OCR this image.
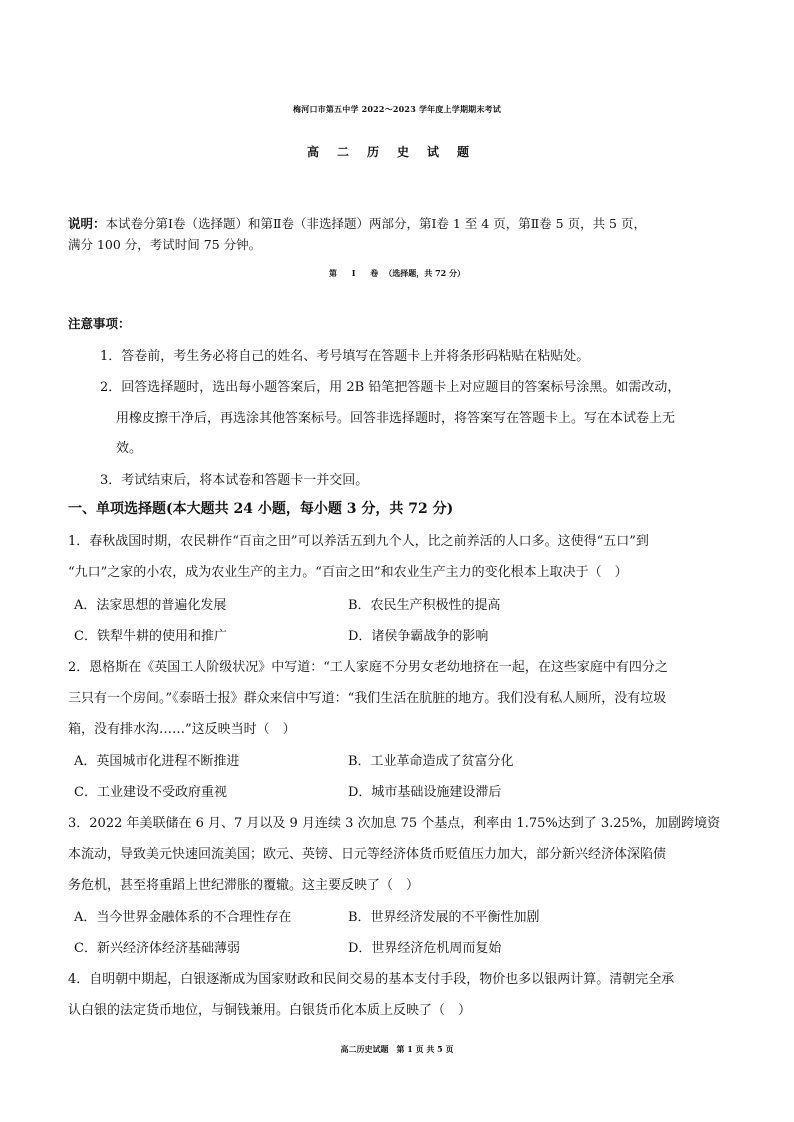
梅河口市第五中学 2022～2023 学年度上学期期末考试
高二历史试题
说明：本试卷分第Ⅰ卷（选择题）和第Ⅱ卷（非选择题）两部分，第Ⅰ卷 1 至 4 页，第Ⅱ卷 5 页，共 5 页，
满分 100 分，考试时间 75 分钟。
第 Ⅰ 卷（选择题，共 72 分）
注意事项：
1．答卷前，考生务必将自己的姓名、考号填写在答题卡上并将条形码粘贴在粘贴处。
2．回答选择题时，选出每小题答案后，用 2B 铅笔把答题卡上对应题目的答案标号涂黑。如需改动，
用橡皮擦干净后，再选涂其他答案标号。回答非选择题时，将答案写在答题卡上。写在本试卷上无
效。
3．考试结束后，将本试卷和答题卡一并交回。
一、单项选择题(本大题共 24 小题，每小题 3 分，共 72 分)
1．春秋战国时期，农民耕作“百亩之田”可以养活五到九个人，比之前养活的人口多。这使得“五口”到
“九口”之家的小农，成为农业生产的主力。“百亩之田”和农业生产主力的变化根本上取决于（　）
A．法家思想的普遍化发展	B．农民生产积极性的提高
C．铁犁牛耕的使用和推广	D．诸侯争霸战争的影响
2．恩格斯在《英国工人阶级状况》中写道：“工人家庭不分男女老幼地挤在一起，在这些家庭中有四分之
三只有一个房间。”《泰晤士报》群众来信中写道：“我们生活在肮脏的地方。我们没有私人厕所，没有垃圾
箱，没有排水沟……”这反映当时（　）
A．英国城市化进程不断推进	B．工业革命造成了贫富分化
C．工业建设不受政府重视	D．城市基础设施建设滞后
3．2022 年美联储在 6 月、7 月以及 9 月连续 3 次加息 75 个基点，利率由 1.75%达到了 3.25%，加剧跨境资
本流动，导致美元快速回流美国；欧元、英镑、日元等经济体货币贬值压力加大，部分新兴经济体深陷债
务危机，甚至将重蹈上世纪滞胀的覆辙。这主要反映了（　）
A．当今世界金融体系的不合理性存在	B．世界经济发展的不平衡性加剧
C．新兴经济体经济基础薄弱	D．世界经济危机周而复始
4．自明朝中期起，白银逐渐成为国家财政和民间交易的基本支付手段，物价也多以银两计算。清朝完全承
认白银的法定货币地位，与铜钱兼用。白银货币化本质上反映了（　）
高二历史试题　第 1 页 共 5 页
